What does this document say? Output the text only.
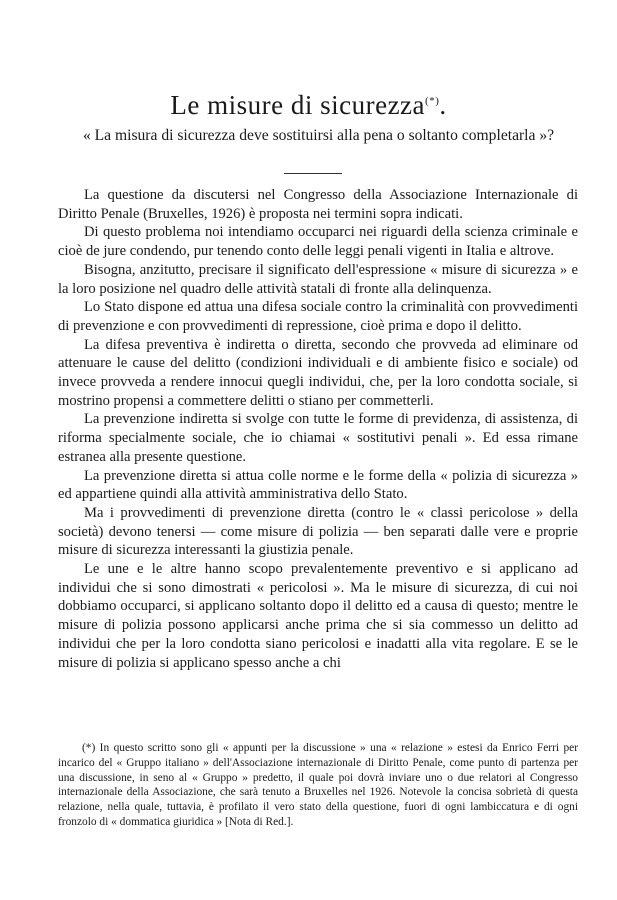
Le misure di sicurezza(*).
« La misura di sicurezza deve sostituirsi alla pena o soltanto completarla »?

La questione da discutersi nel Congresso della Associazione Internazionale di Diritto Penale (Bruxelles, 1926) è proposta nei termini sopra indicati.

Di questo problema noi intendiamo occuparci nei riguardi della scienza criminale e cioè de jure condendo, pur tenendo conto delle leggi penali vigenti in Italia e altrove.

Bisogna, anzitutto, precisare il significato dell'espressione « misure di sicurezza » e la loro posizione nel quadro delle attività statali di fronte alla delinquenza.

Lo Stato dispone ed attua una difesa sociale contro la criminalità con provvedimenti di prevenzione e con provvedimenti di repressione, cioè prima e dopo il delitto.

La difesa preventiva è indiretta o diretta, secondo che provveda ad eliminare od attenuare le cause del delitto (condizioni individuali e di ambiente fisico e sociale) od invece provveda a rendere innocui quegli individui, che, per la loro condotta sociale, si mostrino propensi a commettere delitti o stiano per commetterli.

La prevenzione indiretta si svolge con tutte le forme di previdenza, di assistenza, di riforma specialmente sociale, che io chiamai « sostitutivi penali ». Ed essa rimane estranea alla presente questione.

La prevenzione diretta si attua colle norme e le forme della « polizia di sicurezza » ed appartiene quindi alla attività amministrativa dello Stato.

Ma i provvedimenti di prevenzione diretta (contro le « classi pericolose » della società) devono tenersi — come misure di polizia — ben separati dalle vere e proprie misure di sicurezza interessanti la giustizia penale.

Le une e le altre hanno scopo prevalentemente preventivo e si applicano ad individui che si sono dimostrati « pericolosi ». Ma le misure di sicurezza, di cui noi dobbiamo occuparci, si applicano soltanto dopo il delitto ed a causa di questo; mentre le misure di polizia possono applicarsi anche prima che si sia commesso un delitto ad individui che per la loro condotta siano pericolosi e inadatti alla vita regolare. E se le misure di polizia si applicano spesso anche a chi

(*) In questo scritto sono gli « appunti per la discussione » una « relazione » estesi da Enrico Ferri per incarico del « Gruppo italiano » dell'Associazione internazionale di Diritto Penale, come punto di partenza per una discussione, in seno al « Gruppo » predetto, il quale poi dovrà inviare uno o due relatori al Congresso internazionale della Associazione, che sarà tenuto a Bruxelles nel 1926. Notevole la concisa sobrietà di questa relazione, nella quale, tuttavia, è profilato il vero stato della questione, fuori di ogni lambiccatura e di ogni fronzolo di « dommatica giuridica » [Nota di Red.].
